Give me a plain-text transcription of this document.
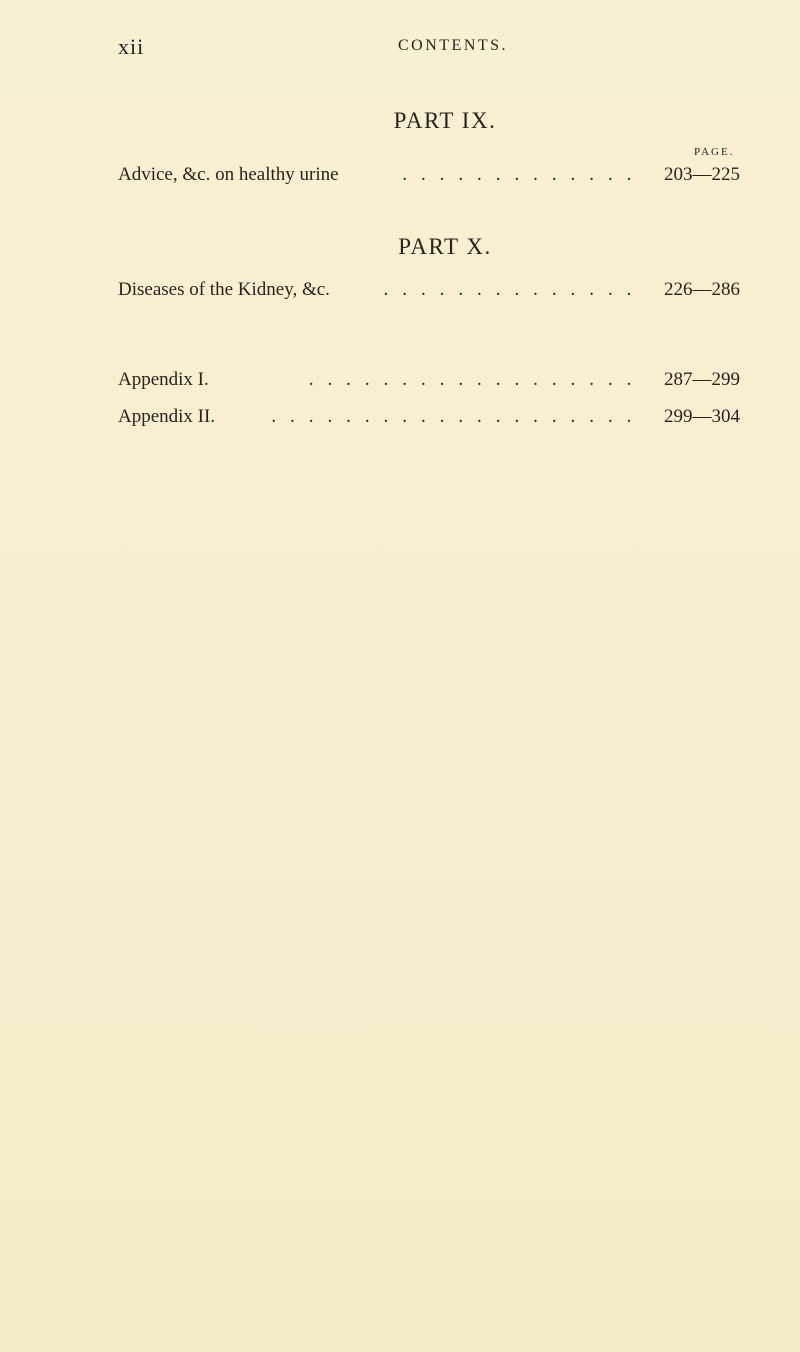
xii	CONTENTS.
PART IX.
PAGE.
. . . . . . . . . . . . .
Advice, &c. on healthy urine	203—225
PART X.
. . . . . . . . . . . . . .
Diseases of the Kidney, &c.	226—286
. . . . . . . . . . . . . . . . . .
Appendix I.	287—299
. . . . . . . . . . . . . . . . . . . .
Appendix II.	299—304
